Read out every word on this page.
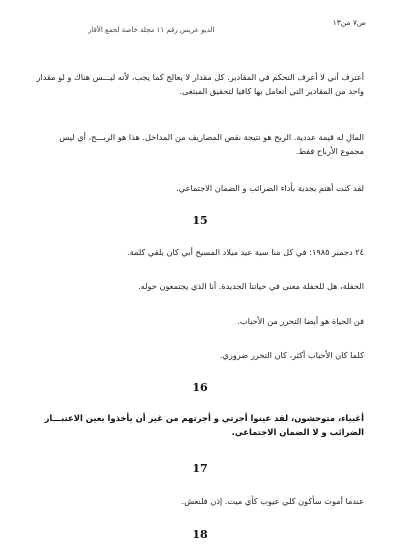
الديو عريس رقم ١١ مجلة خاصة لجمع الأقار
ص٧ من١٣
أعترف أني لا أعرف التحكم في المقادير. كل مقدار لا يعالج كما يجب، لأنه ليـــس هناك و لو مقدار واحد من المقادير التي أتعامل بها كافيا لتحقيق المبتغى.
المال له قيمة عددية. الربح هو نتيجة نقص المصاريف من المداخل. هذا هو الربـــح، أي ليس مجموع الأرباح فقط.
لقد كنت أهتم بجدية بأداء الضرائب و الضمان الاجتماعي.
15
٢٤ دجمبر ١٩٨٥: في كل منا سية عيد ميلاد المسيح أبي كان يلقي كلمة.
الحفلة، هل للحفلة معنى في حياتنا الجديدة. أنا الذي يجتمعون حوله.
فن الحياة هو أيضا التحرر من الأحباب.
كلما كان الأحباب أكثر، كان التحرر ضروري.
16
أغبياء، متوحشون، لقد عينوا أجرتي و أجرتهم من غير أن يأخذوا بعين الاعتبـــار الضرائب و لا الضمان الاجتماعي.
17
عندما أموت سأكون كلي عيوب كأي ميت. إذن فلنعش.
18
